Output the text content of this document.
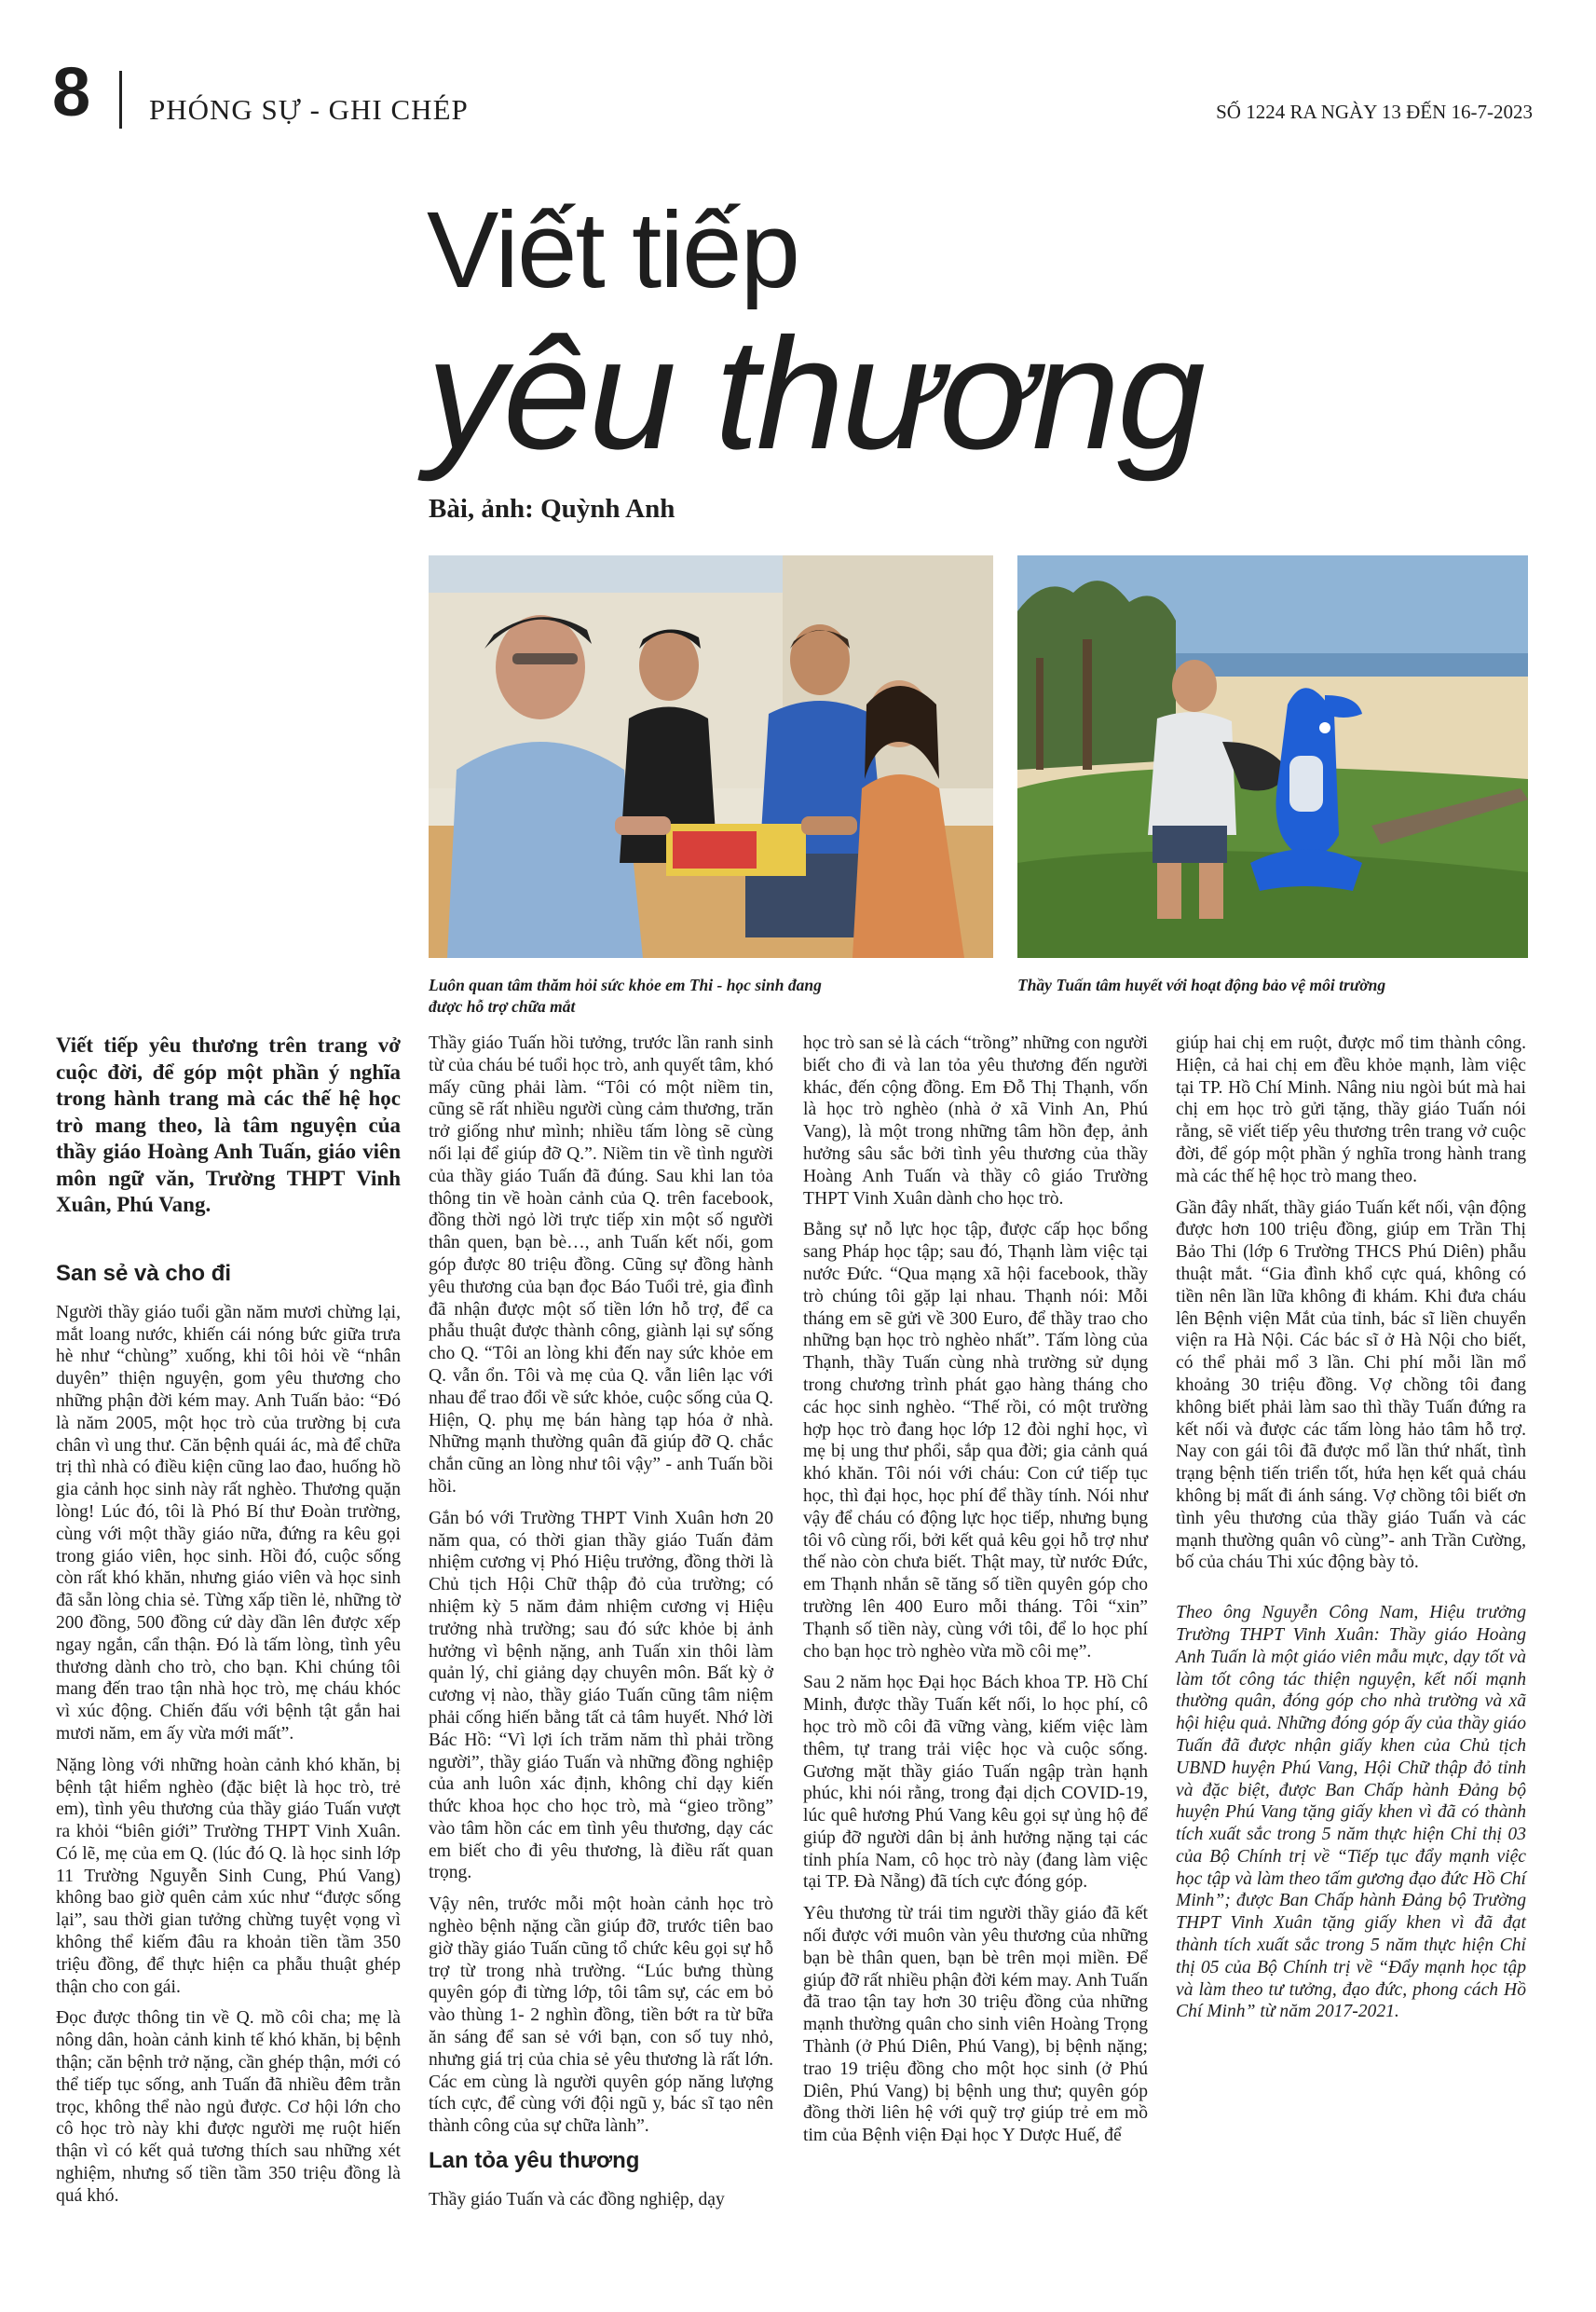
8 PHÓNG SỰ - GHI CHÉP	SỐ 1224 RA NGÀY 13 ĐẾN 16-7-2023
Viết tiếp
yêu thương
Bài, ảnh: Quỳnh Anh
Luôn quan tâm thăm hỏi sức khỏe em Thi - học sinh đang được hỗ trợ chữa mắt
Thầy Tuấn tâm huyết với hoạt động bảo vệ môi trường

Viết tiếp yêu thương trên trang vở cuộc đời, để góp một phần ý nghĩa trong hành trang mà các thế hệ học trò mang theo, là tâm nguyện của thầy giáo Hoàng Anh Tuấn, giáo viên môn ngữ văn, Trường THPT Vinh Xuân, Phú Vang.

San sẻ và cho đi

Người thầy giáo tuổi gần năm mươi chừng lại, mắt loang nước, khiến cái nóng bức giữa trưa hè như “chùng” xuống, khi tôi hỏi về “nhân duyên” thiện nguyện, gom yêu thương cho những phận đời kém may. Anh Tuấn bảo: “Đó là năm 2005, một học trò của trường bị cưa chân vì ung thư. Căn bệnh quái ác, mà để chữa trị thì nhà có điều kiện cũng lao đao, huống hồ gia cảnh học sinh này rất nghèo. Thương quặn lòng! Lúc đó, tôi là Phó Bí thư Đoàn trường, cùng với một thầy giáo nữa, đứng ra kêu gọi trong giáo viên, học sinh. Hồi đó, cuộc sống còn rất khó khăn, nhưng giáo viên và học sinh đã sẵn lòng chia sẻ. Từng xấp tiền lẻ, những tờ 200 đồng, 500 đồng cứ dày dần lên được xếp ngay ngắn, cẩn thận. Đó là tấm lòng, tình yêu thương dành cho trò, cho bạn. Khi chúng tôi mang đến trao tận nhà học trò, mẹ cháu khóc vì xúc động. Chiến đấu với bệnh tật gắn hai mươi năm, em ấy vừa mới mất”.

Nặng lòng với những hoàn cảnh khó khăn, bị bệnh tật hiểm nghèo (đặc biệt là học trò, trẻ em), tình yêu thương của thầy giáo Tuấn vượt ra khỏi “biên giới” Trường THPT Vinh Xuân. Có lẽ, mẹ của em Q. (lúc đó Q. là học sinh lớp 11 Trường Nguyễn Sinh Cung, Phú Vang) không bao giờ quên cảm xúc như “được sống lại”, sau thời gian tưởng chừng tuyệt vọng vì không thể kiếm đâu ra khoản tiền tầm 350 triệu đồng, để thực hiện ca phẫu thuật ghép thận cho con gái.

Đọc được thông tin về Q. mồ côi cha; mẹ là nông dân, hoàn cảnh kinh tế khó khăn, bị bệnh thận; căn bệnh trở nặng, cần ghép thận, mới có thể tiếp tục sống, anh Tuấn đã nhiều đêm trằn trọc, không thể nào ngủ được. Cơ hội lớn cho cô học trò này khi được người mẹ ruột hiến thận vì có kết quả tương thích sau những xét nghiệm, nhưng số tiền tầm 350 triệu đồng là quá khó.

Thầy giáo Tuấn hồi tưởng, trước lần ranh sinh từ của cháu bé tuổi học trò, anh quyết tâm, khó mấy cũng phải làm. “Tôi có một niềm tin, cũng sẽ rất nhiều người cùng cảm thương, trăn trở giống như mình; nhiều tấm lòng sẽ cùng nối lại để giúp đỡ Q.”. Niềm tin về tình người của thầy giáo Tuấn đã đúng. Sau khi lan tỏa thông tin về hoàn cảnh của Q. trên facebook, đồng thời ngỏ lời trực tiếp xin một số người thân quen, bạn bè…, anh Tuấn kết nối, gom góp được 80 triệu đồng. Cũng sự đồng hành yêu thương của bạn đọc Báo Tuổi trẻ, gia đình đã nhận được một số tiền lớn hỗ trợ, để ca phẫu thuật được thành công, giành lại sự sống cho Q. “Tôi an lòng khi đến nay sức khỏe em Q. vẫn ổn. Tôi và mẹ của Q. vẫn liên lạc với nhau để trao đổi về sức khỏe, cuộc sống của Q. Hiện, Q. phụ mẹ bán hàng tạp hóa ở nhà. Những mạnh thường quân đã giúp đỡ Q. chắc chắn cũng an lòng như tôi vậy” - anh Tuấn bồi hồi.

Gắn bó với Trường THPT Vinh Xuân hơn 20 năm qua, có thời gian thầy giáo Tuấn đảm nhiệm cương vị Phó Hiệu trưởng, đồng thời là Chủ tịch Hội Chữ thập đỏ của trường; có nhiệm kỳ 5 năm đảm nhiệm cương vị Hiệu trưởng nhà trường; sau đó sức khỏe bị ảnh hưởng vì bệnh nặng, anh Tuấn xin thôi làm quản lý, chỉ giảng dạy chuyên môn. Bất kỳ ở cương vị nào, thầy giáo Tuấn cũng tâm niệm phải cống hiến bằng tất cả tâm huyết. Nhớ lời Bác Hồ: “Vì lợi ích trăm năm thì phải trồng người”, thầy giáo Tuấn và những đồng nghiệp của anh luôn xác định, không chỉ dạy kiến thức khoa học cho học trò, mà “gieo trồng” vào tâm hồn các em tình yêu thương, dạy các em biết cho đi yêu thương, là điều rất quan trọng.

Vậy nên, trước mỗi một hoàn cảnh học trò nghèo bệnh nặng cần giúp đỡ, trước tiên bao giờ thầy giáo Tuấn cũng tổ chức kêu gọi sự hỗ trợ từ trong nhà trường. “Lúc bưng thùng quyên góp đi từng lớp, tôi tâm sự, các em bỏ vào thùng 1- 2 nghìn đồng, tiền bớt ra từ bữa ăn sáng để san sẻ với bạn, con số tuy nhỏ, nhưng giá trị của chia sẻ yêu thương là rất lớn. Các em cùng là người quyên góp năng lượng tích cực, để cùng với đội ngũ y, bác sĩ tạo nên thành công của sự chữa lành”.

Lan tỏa yêu thương

Thầy giáo Tuấn và các đồng nghiệp, dạy

học trò san sẻ là cách “trồng” những con người biết cho đi và lan tỏa yêu thương đến người khác, đến cộng đồng. Em Đỗ Thị Thạnh, vốn là học trò nghèo (nhà ở xã Vinh An, Phú Vang), là một trong những tâm hồn đẹp, ảnh hưởng sâu sắc bởi tình yêu thương của thầy Hoàng Anh Tuấn và thầy cô giáo Trường THPT Vinh Xuân dành cho học trò.

Bằng sự nỗ lực học tập, được cấp học bổng sang Pháp học tập; sau đó, Thạnh làm việc tại nước Đức. “Qua mạng xã hội facebook, thầy trò chúng tôi gặp lại nhau. Thạnh nói: Mỗi tháng em sẽ gửi về 300 Euro, để thầy trao cho những bạn học trò nghèo nhất”. Tấm lòng của Thạnh, thầy Tuấn cùng nhà trường sử dụng trong chương trình phát gạo hàng tháng cho các học sinh nghèo. “Thế rồi, có một trường hợp học trò đang học lớp 12 đòi nghỉ học, vì mẹ bị ung thư phổi, sắp qua đời; gia cảnh quá khó khăn. Tôi nói với cháu: Con cứ tiếp tục học, thì đại học, học phí để thầy tính. Nói như vậy để cháu có động lực học tiếp, nhưng bụng tôi vô cùng rối, bởi kết quả kêu gọi hỗ trợ như thế nào còn chưa biết. Thật may, từ nước Đức, em Thạnh nhắn sẽ tăng số tiền quyên góp cho trường lên 400 Euro mỗi tháng. Tôi “xin” Thạnh số tiền này, cùng với tôi, để lo học phí cho bạn học trò nghèo vừa mồ côi mẹ”.

Sau 2 năm học Đại học Bách khoa TP. Hồ Chí Minh, được thầy Tuấn kết nối, lo học phí, cô học trò mồ côi đã vững vàng, kiếm việc làm thêm, tự trang trải việc học và cuộc sống. Gương mặt thầy giáo Tuấn ngập tràn hạnh phúc, khi nói rằng, trong đại dịch COVID-19, lúc quê hương Phú Vang kêu gọi sự ủng hộ để giúp đỡ người dân bị ảnh hưởng nặng tại các tỉnh phía Nam, cô học trò này (đang làm việc tại TP. Đà Nẵng) đã tích cực đóng góp.

Yêu thương từ trái tim người thầy giáo đã kết nối được với muôn vàn yêu thương của những bạn bè thân quen, bạn bè trên mọi miền. Để giúp đỡ rất nhiều phận đời kém may. Anh Tuấn đã trao tận tay hơn 30 triệu đồng của những mạnh thường quân cho sinh viên Hoàng Trọng Thành (ở Phú Diên, Phú Vang), bị bệnh nặng; trao 19 triệu đồng cho một học sinh (ở Phú Diên, Phú Vang) bị bệnh ung thư; quyên góp đồng thời liên hệ với quỹ trợ giúp trẻ em mồ tim của Bệnh viện Đại học Y Dược Huế, để

giúp hai chị em ruột, được mổ tim thành công. Hiện, cả hai chị em đều khỏe mạnh, làm việc tại TP. Hồ Chí Minh. Nâng niu ngòi bút mà hai chị em học trò gửi tặng, thầy giáo Tuấn nói rằng, sẽ viết tiếp yêu thương trên trang vở cuộc đời, để góp một phần ý nghĩa trong hành trang mà các thế hệ học trò mang theo.

Gần đây nhất, thầy giáo Tuấn kết nối, vận động được hơn 100 triệu đồng, giúp em Trần Thị Bảo Thi (lớp 6 Trường THCS Phú Diên) phẫu thuật mắt. “Gia đình khổ cực quá, không có tiền nên lần lữa không đi khám. Khi đưa cháu lên Bệnh viện Mắt của tỉnh, bác sĩ liền chuyển viện ra Hà Nội. Các bác sĩ ở Hà Nội cho biết, có thể phải mổ 3 lần. Chi phí mỗi lần mổ khoảng 30 triệu đồng. Vợ chồng tôi đang không biết phải làm sao thì thầy Tuấn đứng ra kết nối và được các tấm lòng hảo tâm hỗ trợ. Nay con gái tôi đã được mổ lần thứ nhất, tình trạng bệnh tiến triển tốt, hứa hẹn kết quả cháu không bị mất đi ánh sáng. Vợ chồng tôi biết ơn tình yêu thương của thầy giáo Tuấn và các mạnh thường quân vô cùng”- anh Trần Cường, bố của cháu Thi xúc động bày tỏ.

Theo ông Nguyễn Công Nam, Hiệu trưởng Trường THPT Vinh Xuân: Thầy giáo Hoàng Anh Tuấn là một giáo viên mẫu mực, dạy tốt và làm tốt công tác thiện nguyện, kết nối mạnh thường quân, đóng góp cho nhà trường và xã hội hiệu quả. Những đóng góp ấy của thầy giáo Tuấn đã được nhận giấy khen của Chủ tịch UBND huyện Phú Vang, Hội Chữ thập đỏ tỉnh và đặc biệt, được Ban Chấp hành Đảng bộ huyện Phú Vang tặng giấy khen vì đã có thành tích xuất sắc trong 5 năm thực hiện Chỉ thị 03 của Bộ Chính trị về “Tiếp tục đẩy mạnh việc học tập và làm theo tấm gương đạo đức Hồ Chí Minh”; được Ban Chấp hành Đảng bộ Trường THPT Vinh Xuân tặng giấy khen vì đã đạt thành tích xuất sắc trong 5 năm thực hiện Chỉ thị 05 của Bộ Chính trị về “Đẩy mạnh học tập và làm theo tư tưởng, đạo đức, phong cách Hồ Chí Minh” từ năm 2017-2021.
